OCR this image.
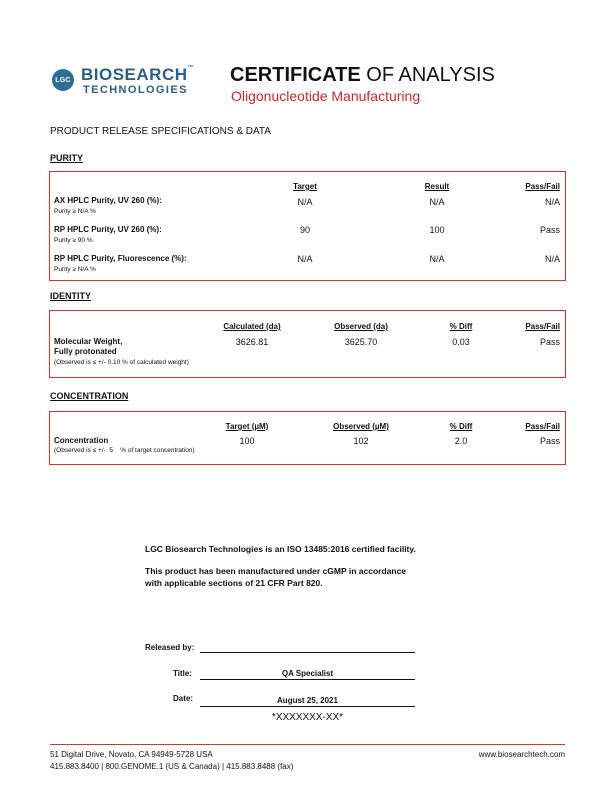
LGC BIOSEARCH™
TECHNOLOGIES
CERTIFICATE OF ANALYSIS
Oligonucleotide Manufacturing
PRODUCT RELEASE SPECIFICATIONS & DATA
PURITY
Target	Result	Pass/Fail
AX HPLC Purity, UV 260 (%):
Purity ≥ N/A %
N/A	N/A	N/A
RP HPLC Purity, UV 260 (%):
Purity ≥ 90 %
90	100	Pass
RP HPLC Purity, Fluorescence (%):
Purity ≥ N/A %
N/A	N/A	N/A
IDENTITY
Calculated (da)	Observed (da)	% Diff	Pass/Fail
Molecular Weight,
Fully protonated
(Observed is ≤ +/- 0.10 % of calculated weight)
3626.81	3625.70	0.03	Pass
CONCENTRATION
Target (µM)	Observed (µM)	% Diff	Pass/Fail
Concentration
(Observed is ≤ +/-  5    % of target concentration)
100	102	2.0	Pass
LGC Biosearch Technologies is an ISO 13485:2016 certified facility.
This product has been manufactured under cGMP in accordance
with applicable sections of 21 CFR Part 820.
Released by:
Title:	QA Specialist
Date:	August 25, 2021
*XXXXXXX-XX*
51 Digital Drive, Novato, CA 94949-5728 USA
415.883.8400 | 800.GENOME.1 (US & Canada) | 415.883.8488 (fax)
www.biosearchtech.com
